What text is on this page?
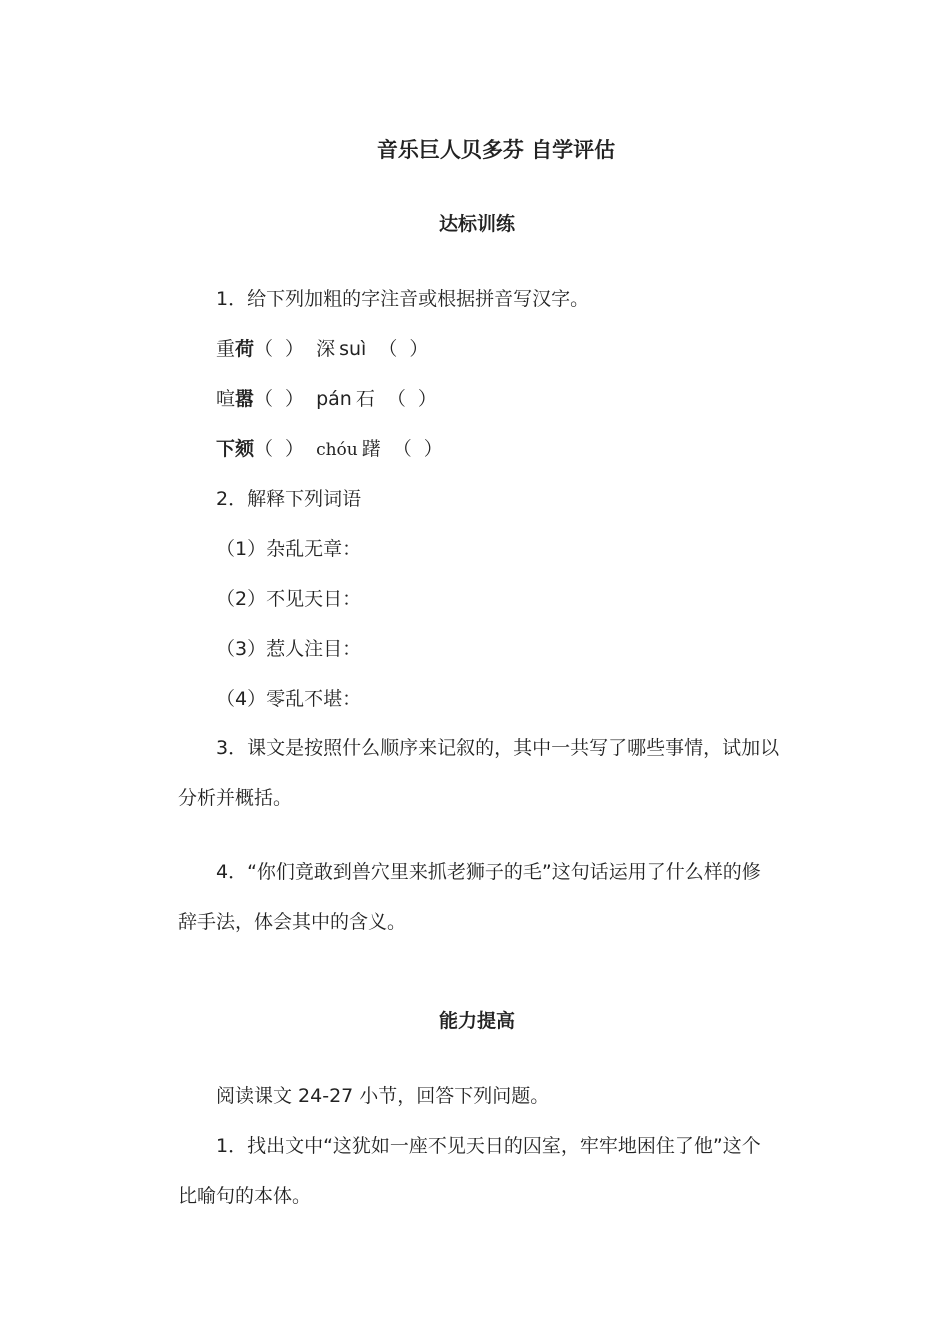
音乐巨人贝多芬 自学评估
达标训练
1．给下列加粗的字注音或根据拼音写汉字。
重荷（ ） 深 suì （ ）
喧嚣（ ） pán 石 （ ）
下颏（ ） chóu 躇 （ ）
2．解释下列词语
（1）杂乱无章：
（2）不见天日：
（3）惹人注目：
（4）零乱不堪：
3．课文是按照什么顺序来记叙的，其中一共写了哪些事情，试加以
分析并概括。
4．“你们竟敢到兽穴里来抓老狮子的毛”这句话运用了什么样的修
辞手法，体会其中的含义。
能力提高
阅读课文 24-27 小节，回答下列问题。
1．找出文中“这犹如一座不见天日的囚室，牢牢地困住了他”这个
比喻句的本体。
